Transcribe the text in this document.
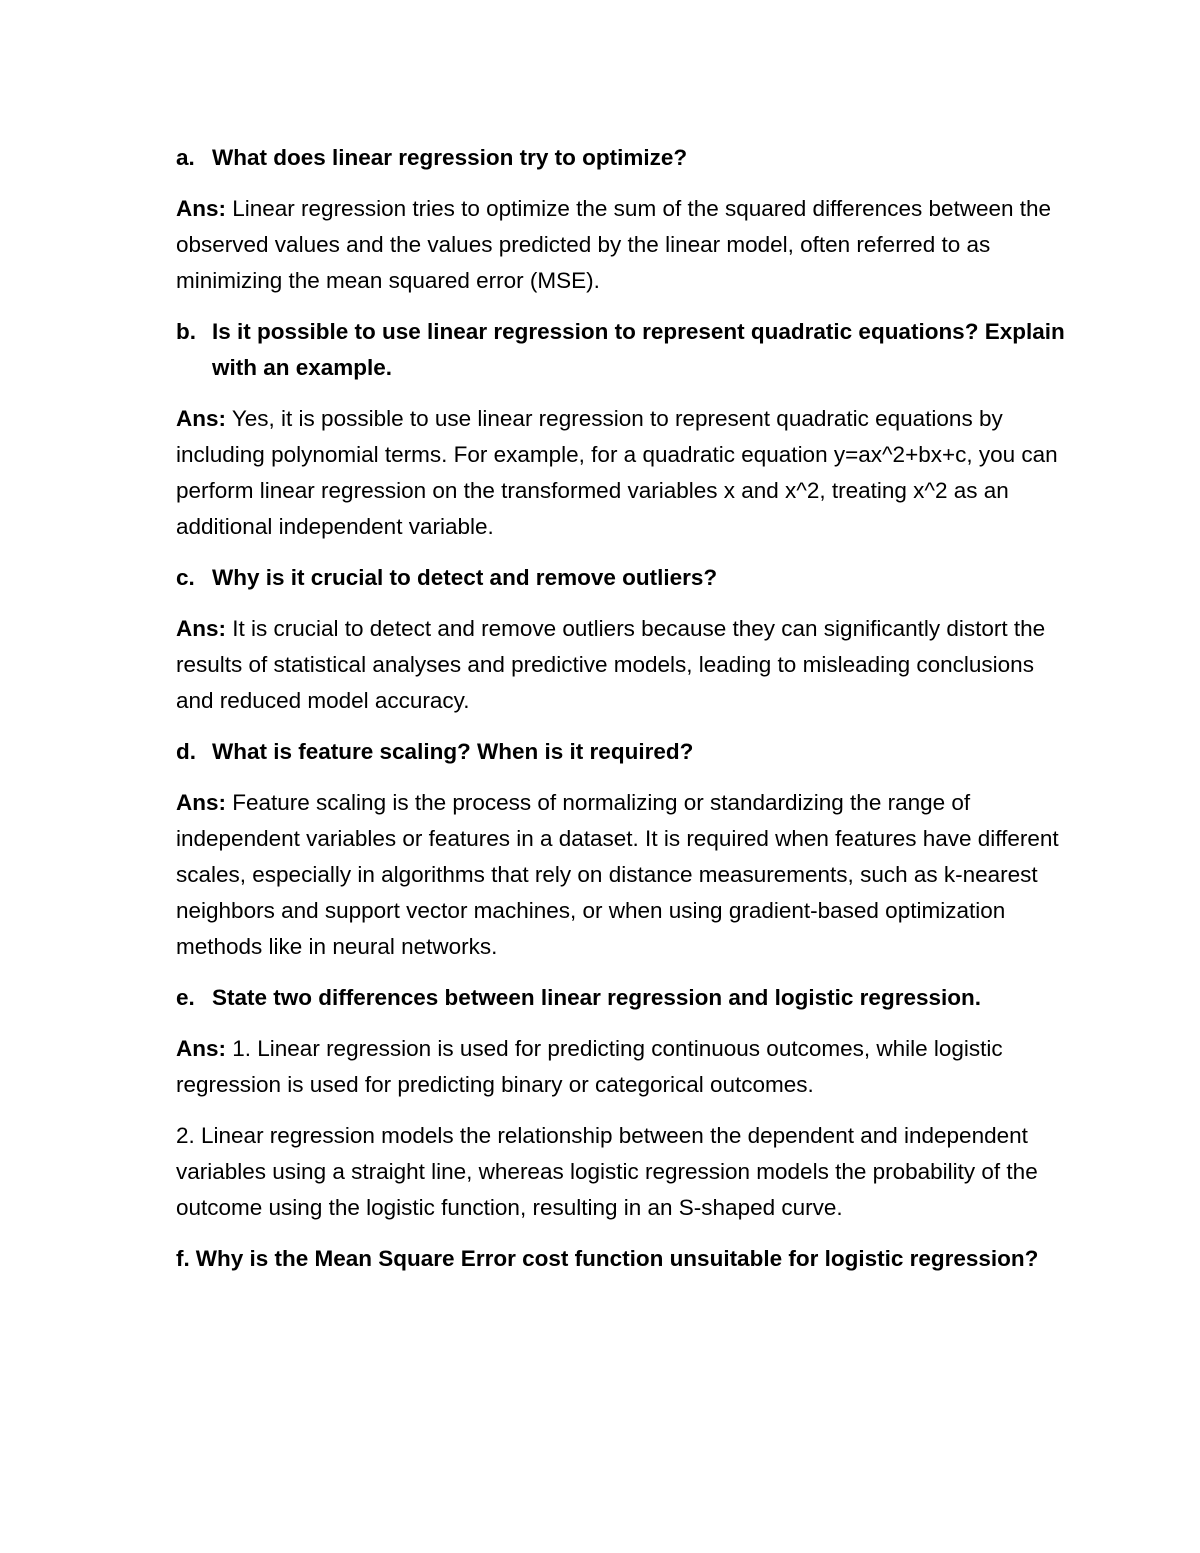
a. What does linear regression try to optimize?

Ans: Linear regression tries to optimize the sum of the squared differences between the observed values and the values predicted by the linear model, often referred to as minimizing the mean squared error (MSE).

b. Is it possible to use linear regression to represent quadratic equations? Explain with an example.

Ans: Yes, it is possible to use linear regression to represent quadratic equations by including polynomial terms. For example, for a quadratic equation y=ax^2+bx+c, you can perform linear regression on the transformed variables x and x^2, treating x^2 as an additional independent variable.

c. Why is it crucial to detect and remove outliers?

Ans: It is crucial to detect and remove outliers because they can significantly distort the results of statistical analyses and predictive models, leading to misleading conclusions and reduced model accuracy.

d. What is feature scaling? When is it required?

Ans: Feature scaling is the process of normalizing or standardizing the range of independent variables or features in a dataset. It is required when features have different scales, especially in algorithms that rely on distance measurements, such as k-nearest neighbors and support vector machines, or when using gradient-based optimization methods like in neural networks.

e. State two differences between linear regression and logistic regression.

Ans: 1. Linear regression is used for predicting continuous outcomes, while logistic regression is used for predicting binary or categorical outcomes.

2. Linear regression models the relationship between the dependent and independent variables using a straight line, whereas logistic regression models the probability of the outcome using the logistic function, resulting in an S-shaped curve.

f. Why is the Mean Square Error cost function unsuitable for logistic regression?
